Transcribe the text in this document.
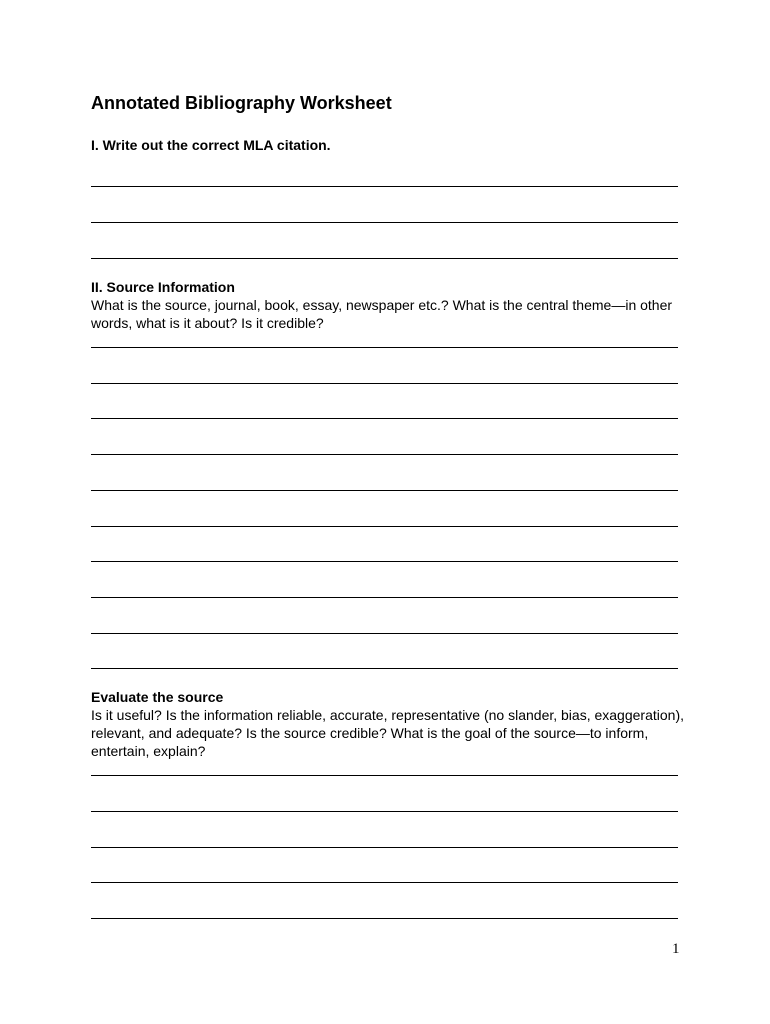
Annotated Bibliography Worksheet
I. Write out the correct MLA citation.
II. Source Information
What is the source, journal, book, essay, newspaper etc.? What is the central theme—in other words, what is it about? Is it credible?
Evaluate the source
Is it useful? Is the information reliable, accurate, representative (no slander, bias, exaggeration), relevant, and adequate? Is the source credible? What is the goal of the source—to inform, entertain, explain?
1
